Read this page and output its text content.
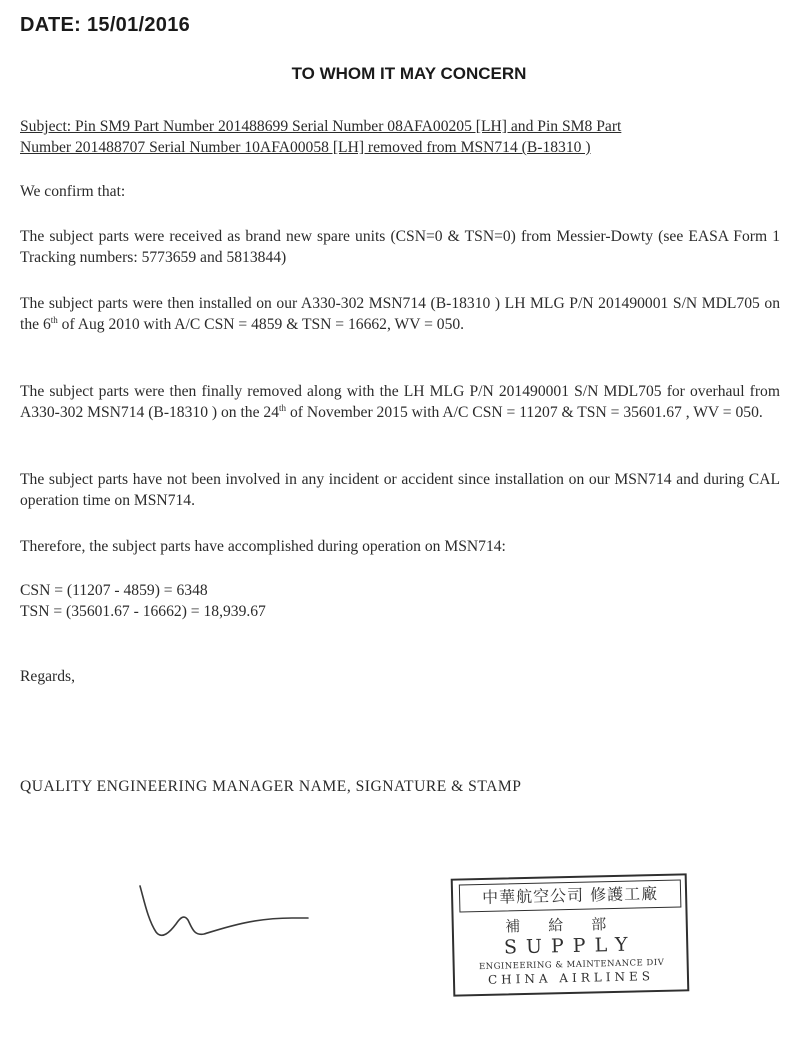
DATE: 15/01/2016
TO WHOM IT MAY CONCERN
Subject: Pin SM9 Part Number 201488699 Serial Number 08AFA00205 [LH] and Pin SM8 Part
Number 201488707 Serial Number 10AFA00058 [LH] removed from MSN714 (B-18310 )
We confirm that:
The subject parts were received as brand new spare units (CSN=0 & TSN=0) from Messier-Dowty (see EASA Form 1 Tracking numbers: 5773659 and 5813844)
The subject parts were then installed on our A330-302 MSN714 (B-18310 ) LH MLG P/N 201490001 S/N MDL705 on the 6th of Aug 2010 with A/C CSN = 4859 & TSN = 16662, WV = 050.
The subject parts were then finally removed along with the LH MLG P/N 201490001 S/N MDL705 for overhaul from A330-302 MSN714 (B-18310 ) on the 24th of November 2015 with A/C CSN = 11207 & TSN = 35601.67 , WV = 050.
The subject parts have not been involved in any incident or accident since installation on our MSN714 and during CAL operation time on MSN714.
Therefore, the subject parts have accomplished during operation on MSN714:
CSN = (11207 - 4859) = 6348
TSN = (35601.67 - 16662) = 18,939.67
Regards,
QUALITY ENGINEERING MANAGER NAME, SIGNATURE & STAMP
中華航空公司 修護工廠
補給部
SUPPLY
ENGINEERING & MAINTENANCE DIV
CHINA AIRLINES
